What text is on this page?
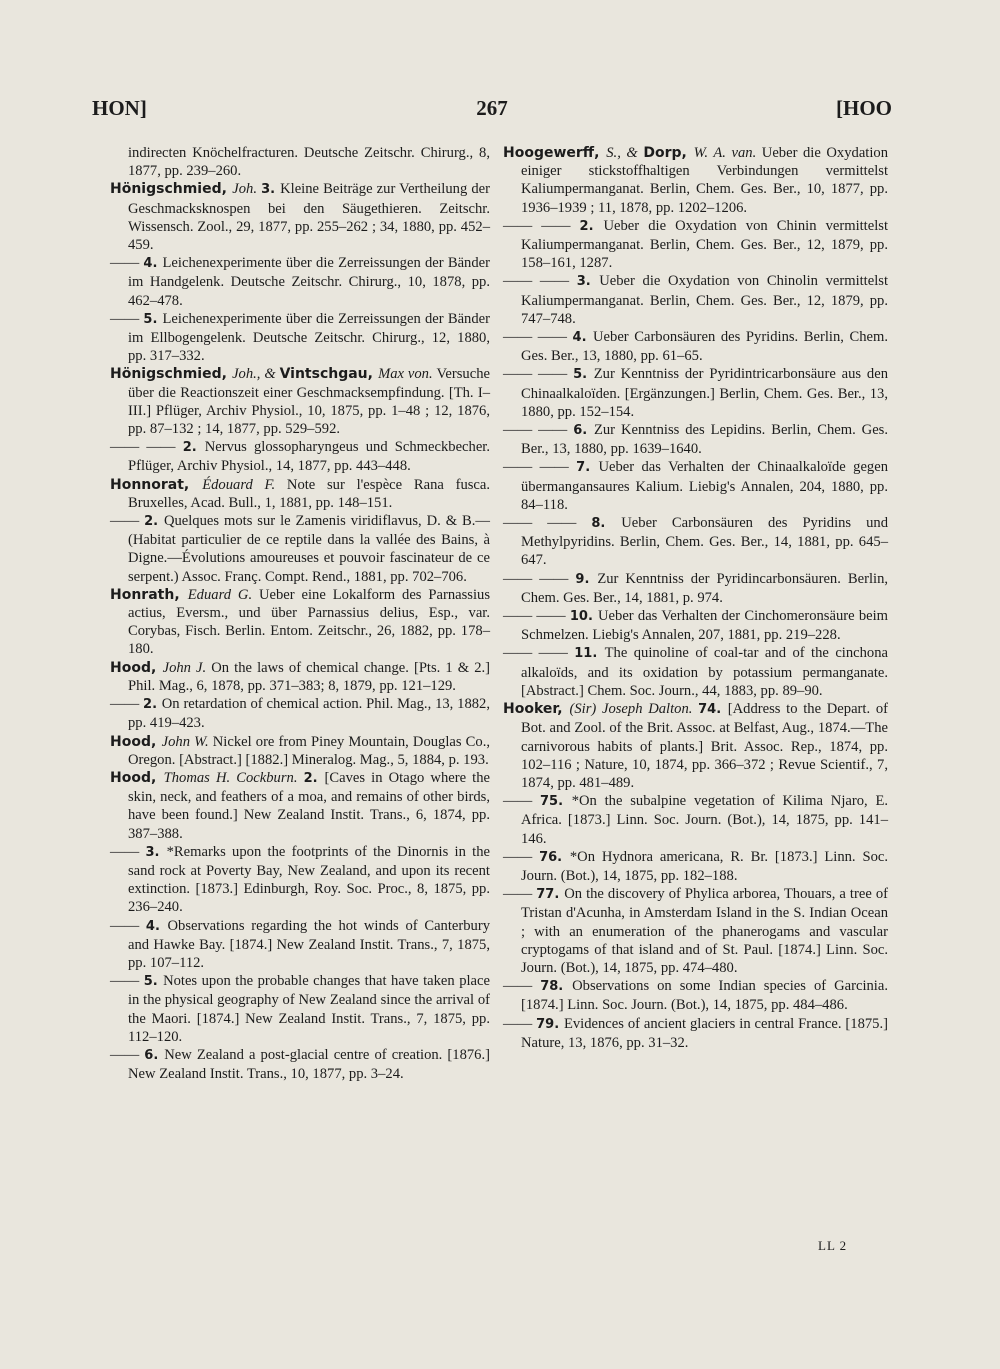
HON]	267	[HOO

indirecten Knöchelfracturen. Deutsche Zeitschr. Chirurg., 8, 1877, pp. 239–260.

Hönigschmied, Joh. 3. Kleine Beiträge zur Vertheilung der Geschmacksknospen bei den Säugethieren. Zeitschr. Wissensch. Zool., 29, 1877, pp. 255–262 ; 34, 1880, pp. 452–459.

—— 4. Leichenexperimente über die Zerreissungen der Bänder im Handgelenk. Deutsche Zeitschr. Chirurg., 10, 1878, pp. 462–478.

—— 5. Leichenexperimente über die Zerreissungen der Bänder im Ellbogengelenk. Deutsche Zeitschr. Chirurg., 12, 1880, pp. 317–332.

Hönigschmied, Joh., & Vintschgau, Max von. Versuche über die Reactionszeit einer Geschmacksempfindung. [Th. I–III.] Pflüger, Archiv Physiol., 10, 1875, pp. 1–48 ; 12, 1876, pp. 87–132 ; 14, 1877, pp. 529–592.

—— —— 2. Nervus glossopharyngeus und Schmeckbecher. Pflüger, Archiv Physiol., 14, 1877, pp. 443–448.

Honnorat, Édouard F. Note sur l'espèce Rana fusca. Bruxelles, Acad. Bull., 1, 1881, pp. 148–151.

—— 2. Quelques mots sur le Zamenis viridiflavus, D. & B.—(Habitat particulier de ce reptile dans la vallée des Bains, à Digne.—Évolutions amoureuses et pouvoir fascinateur de ce serpent.) Assoc. Franç. Compt. Rend., 1881, pp. 702–706.

Honrath, Eduard G. Ueber eine Lokalform des Parnassius actius, Eversm., und über Parnassius delius, Esp., var. Corybas, Fisch. Berlin. Entom. Zeitschr., 26, 1882, pp. 178–180.

Hood, John J. On the laws of chemical change. [Pts. 1 & 2.] Phil. Mag., 6, 1878, pp. 371–383; 8, 1879, pp. 121–129.

—— 2. On retardation of chemical action. Phil. Mag., 13, 1882, pp. 419–423.

Hood, John W. Nickel ore from Piney Mountain, Douglas Co., Oregon. [Abstract.] [1882.] Mineralog. Mag., 5, 1884, p. 193.

Hood, Thomas H. Cockburn. 2. [Caves in Otago where the skin, neck, and feathers of a moa, and remains of other birds, have been found.] New Zealand Instit. Trans., 6, 1874, pp. 387–388.

—— 3. *Remarks upon the footprints of the Dinornis in the sand rock at Poverty Bay, New Zealand, and upon its recent extinction. [1873.] Edinburgh, Roy. Soc. Proc., 8, 1875, pp. 236–240.

—— 4. Observations regarding the hot winds of Canterbury and Hawke Bay. [1874.] New Zealand Instit. Trans., 7, 1875, pp. 107–112.

—— 5. Notes upon the probable changes that have taken place in the physical geography of New Zealand since the arrival of the Maori. [1874.] New Zealand Instit. Trans., 7, 1875, pp. 112–120.

—— 6. New Zealand a post-glacial centre of creation. [1876.] New Zealand Instit. Trans., 10, 1877, pp. 3–24.

Hoogewerff, S., & Dorp, W. A. van. Ueber die Oxydation einiger stickstoffhaltigen Verbindungen vermittelst Kaliumpermanganat. Berlin, Chem. Ges. Ber., 10, 1877, pp. 1936–1939 ; 11, 1878, pp. 1202–1206.

—— —— 2. Ueber die Oxydation von Chinin vermittelst Kaliumpermanganat. Berlin, Chem. Ges. Ber., 12, 1879, pp. 158–161, 1287.

—— —— 3. Ueber die Oxydation von Chinolin vermittelst Kaliumpermanganat. Berlin, Chem. Ges. Ber., 12, 1879, pp. 747–748.

—— —— 4. Ueber Carbonsäuren des Pyridins. Berlin, Chem. Ges. Ber., 13, 1880, pp. 61–65.

—— —— 5. Zur Kenntniss der Pyridintricarbonsäure aus den Chinaalkaloïden. [Ergänzungen.] Berlin, Chem. Ges. Ber., 13, 1880, pp. 152–154.

—— —— 6. Zur Kenntniss des Lepidins. Berlin, Chem. Ges. Ber., 13, 1880, pp. 1639–1640.

—— —— 7. Ueber das Verhalten der Chinaalkaloïde gegen übermangansaures Kalium. Liebig's Annalen, 204, 1880, pp. 84–118.

—— —— 8. Ueber Carbonsäuren des Pyridins und Methylpyridins. Berlin, Chem. Ges. Ber., 14, 1881, pp. 645–647.

—— —— 9. Zur Kenntniss der Pyridincarbonsäuren. Berlin, Chem. Ges. Ber., 14, 1881, p. 974.

—— —— 10. Ueber das Verhalten der Cinchomeronsäure beim Schmelzen. Liebig's Annalen, 207, 1881, pp. 219–228.

—— —— 11. The quinoline of coal-tar and of the cinchona alkaloïds, and its oxidation by potassium permanganate. [Abstract.] Chem. Soc. Journ., 44, 1883, pp. 89–90.

Hooker, (Sir) Joseph Dalton. 74. [Address to the Depart. of Bot. and Zool. of the Brit. Assoc. at Belfast, Aug., 1874.—The carnivorous habits of plants.] Brit. Assoc. Rep., 1874, pp. 102–116 ; Nature, 10, 1874, pp. 366–372 ; Revue Scientif., 7, 1874, pp. 481–489.

—— 75. *On the subalpine vegetation of Kilima Njaro, E. Africa. [1873.] Linn. Soc. Journ. (Bot.), 14, 1875, pp. 141–146.

—— 76. *On Hydnora americana, R. Br. [1873.] Linn. Soc. Journ. (Bot.), 14, 1875, pp. 182–188.

—— 77. On the discovery of Phylica arborea, Thouars, a tree of Tristan d'Acunha, in Amsterdam Island in the S. Indian Ocean ; with an enumeration of the phanerogams and vascular cryptogams of that island and of St. Paul. [1874.] Linn. Soc. Journ. (Bot.), 14, 1875, pp. 474–480.

—— 78. Observations on some Indian species of Garcinia. [1874.] Linn. Soc. Journ. (Bot.), 14, 1875, pp. 484–486.

—— 79. Evidences of ancient glaciers in central France. [1875.] Nature, 13, 1876, pp. 31–32.

LL 2
